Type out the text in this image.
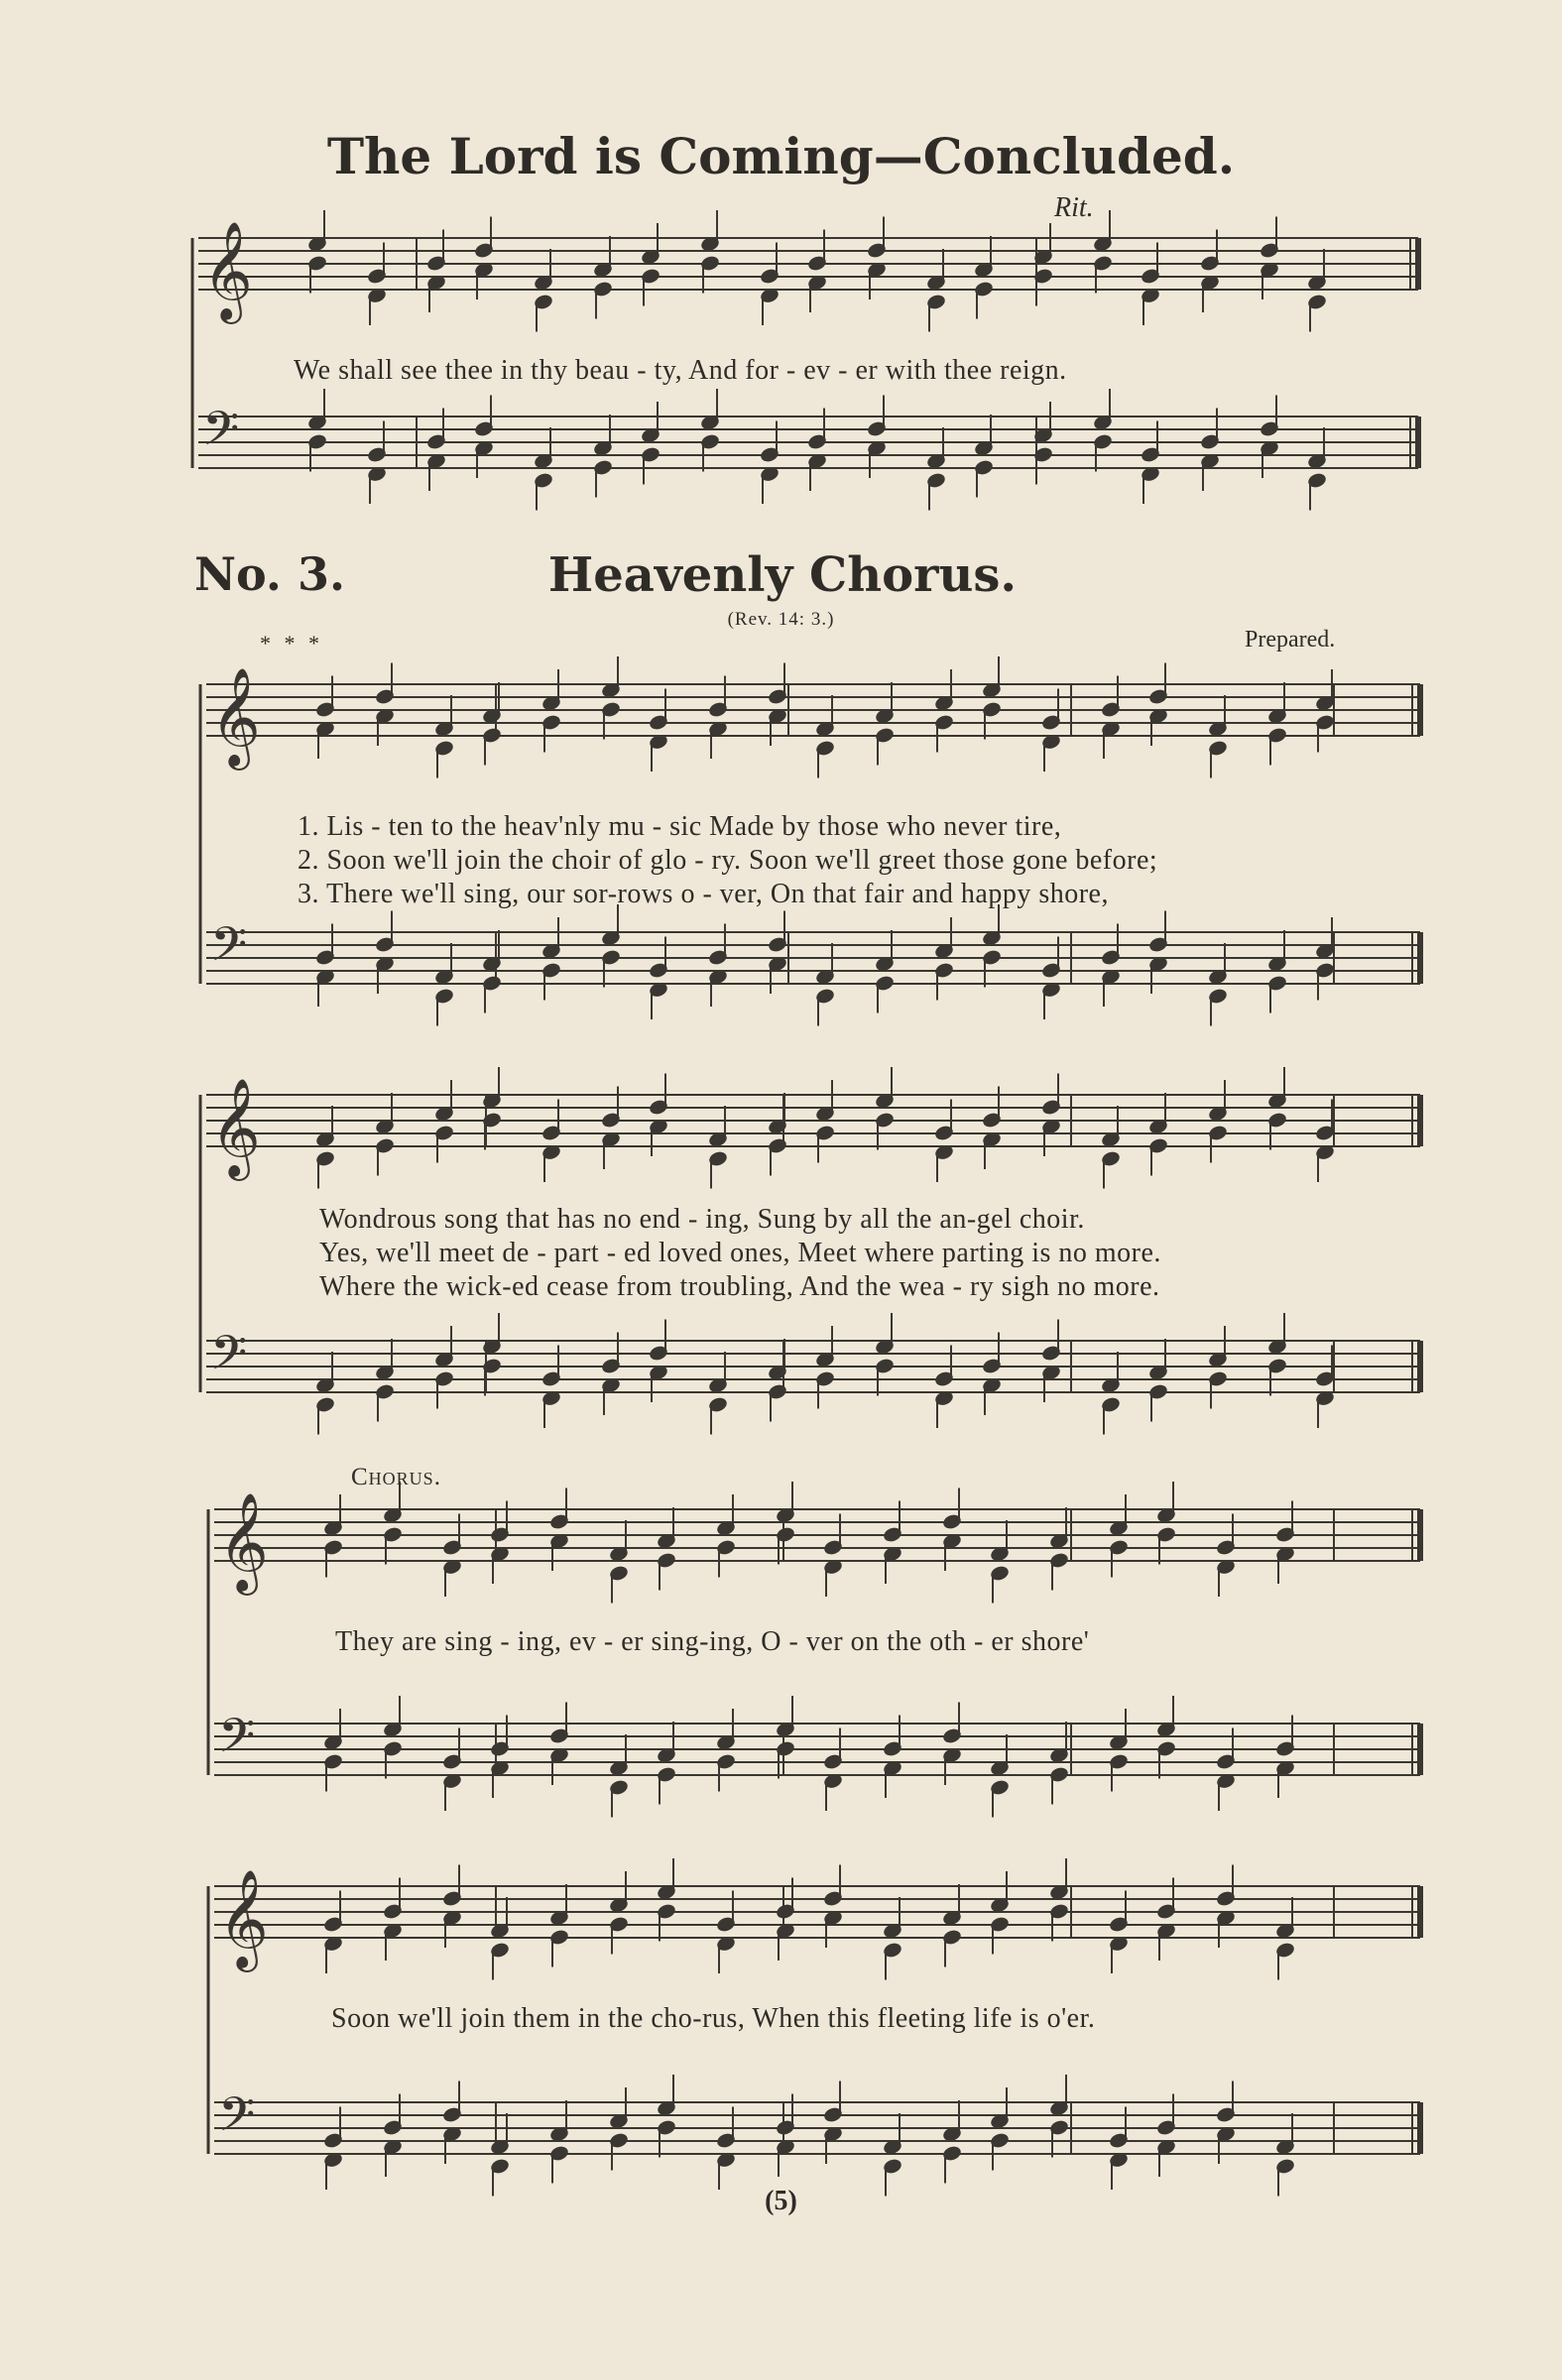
The Lord is Coming—Concluded.
Rit.
𝄞
𝄢
𝄞
𝄢
𝄞
𝄢
𝄞
𝄢
𝄞
𝄢
We shall see thee in thy beau - ty, And for - ev - er with thee reign.
No. 3.	Heavenly Chorus.
(Rev. 14: 3.)
* * *	Prepared.
1. Lis - ten to the heav'nly mu - sic Made by those who never tire,
2. Soon we'll join the choir of glo - ry. Soon we'll greet those gone before;
3. There we'll sing, our sor-rows o - ver, On that fair and happy shore,
Wondrous song that has no end - ing, Sung by all the an-gel choir.
Yes, we'll meet de - part - ed loved ones, Meet where parting is no more.
Where the wick-ed cease from troubling, And the wea - ry sigh no more.
Chorus.
They are sing - ing, ev - er sing-ing, O - ver on the oth - er shore'
Soon we'll join them in the cho-rus, When this fleeting life is o'er.
(5)
